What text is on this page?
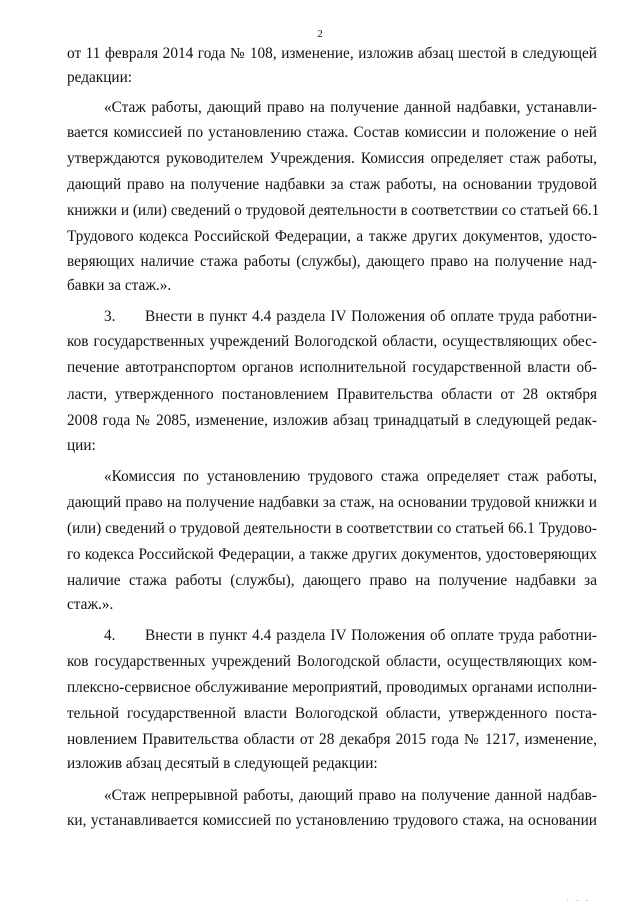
2
от 11 февраля 2014 года № 108, изменение, изложив абзац шестой в следующей
редакции:
«Стаж работы, дающий право на получение данной надбавки, устанавли-
вается комиссией по установлению стажа. Состав комиссии и положение о ней
утверждаются руководителем Учреждения. Комиссия определяет стаж работы,
дающий право на получение надбавки за стаж работы, на основании трудовой
книжки и (или) сведений о трудовой деятельности в соответствии со статьей 66.1
Трудового кодекса Российской Федерации, а также других документов, удосто-
веряющих наличие стажа работы (службы), дающего право на получение над-
бавки за стаж.».
3.	Внести в пункт 4.4 раздела IV Положения об оплате труда работни-
ков государственных учреждений Вологодской области, осуществляющих обес-
печение автотранспортом органов исполнительной государственной власти об-
ласти, утвержденного постановлением Правительства области от 28 октября
2008 года № 2085, изменение, изложив абзац тринадцатый в следующей редак-
ции:
«Комиссия по установлению трудового стажа определяет стаж работы,
дающий право на получение надбавки за стаж, на основании трудовой книжки и
(или) сведений о трудовой деятельности в соответствии со статьей 66.1 Трудово-
го кодекса Российской Федерации, а также других документов, удостоверяющих
наличие стажа работы (службы), дающего право на получение надбавки за
стаж.».
4.	Внести в пункт 4.4 раздела IV Положения об оплате труда работни-
ков государственных учреждений Вологодской области, осуществляющих ком-
плексно-сервисное обслуживание мероприятий, проводимых органами исполни-
тельной государственной власти Вологодской области, утвержденного поста-
новлением Правительства области от 28 декабря 2015 года № 1217, изменение,
изложив абзац десятый в следующей редакции:
«Стаж непрерывной работы, дающий право на получение данной надбав-
ки, устанавливается комиссией по установлению трудового стажа, на основании
. . .
